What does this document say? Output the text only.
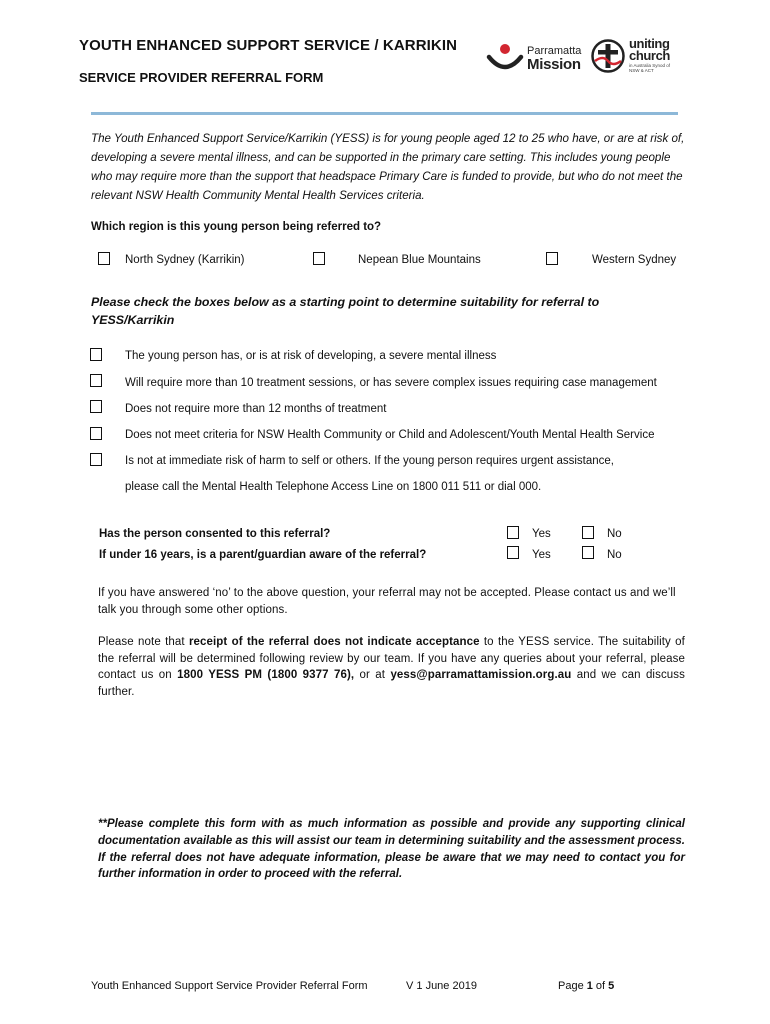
YOUTH ENHANCED SUPPORT SERVICE / KARRIKIN
SERVICE PROVIDER REFERRAL FORM
Parramatta
Mission
uniting
church
in Australia Synod of NSW & ACT
The Youth Enhanced Support Service/Karrikin (YESS) is for young people aged 12 to 25 who have, or are at risk of, developing a severe mental illness, and can be supported in the primary care setting. This includes young people who may require more than the support that headspace Primary Care is funded to provide, but who do not meet the relevant NSW Health Community Mental Health Services criteria.
Which region is this young person being referred to?
North Sydney (Karrikin)	Nepean Blue Mountains	Western Sydney
Please check the boxes below as a starting point to determine suitability for referral to YESS/Karrikin
The young person has, or is at risk of developing, a severe mental illness
Will require more than 10 treatment sessions, or has severe complex issues requiring case management
Does not require more than 12 months of treatment
Does not meet criteria for NSW Health Community or Child and Adolescent/Youth Mental Health Service
Is not at immediate risk of harm to self or others. If the young person requires urgent assistance,
please call the Mental Health Telephone Access Line on 1800 011 511 or dial 000.
Has the person consented to this referral?	Yes	No
If under 16 years, is a parent/guardian aware of the referral?	Yes	No
If you have answered ‘no’ to the above question, your referral may not be accepted. Please contact us and we’ll talk you through some other options.
Please note that receipt of the referral does not indicate acceptance to the YESS service. The suitability of the referral will be determined following review by our team. If you have any queries about your referral, please contact us on 1800 YESS PM (1800 9377 76), or at yess@parramattamission.org.au and we can discuss further.
**Please complete this form with as much information as possible and provide any supporting clinical documentation available as this will assist our team in determining suitability and the assessment process. If the referral does not have adequate information, please be aware that we may need to contact you for further information in order to proceed with the referral.
Youth Enhanced Support Service Provider Referral Form	V 1 June 2019	Page 1 of 5
